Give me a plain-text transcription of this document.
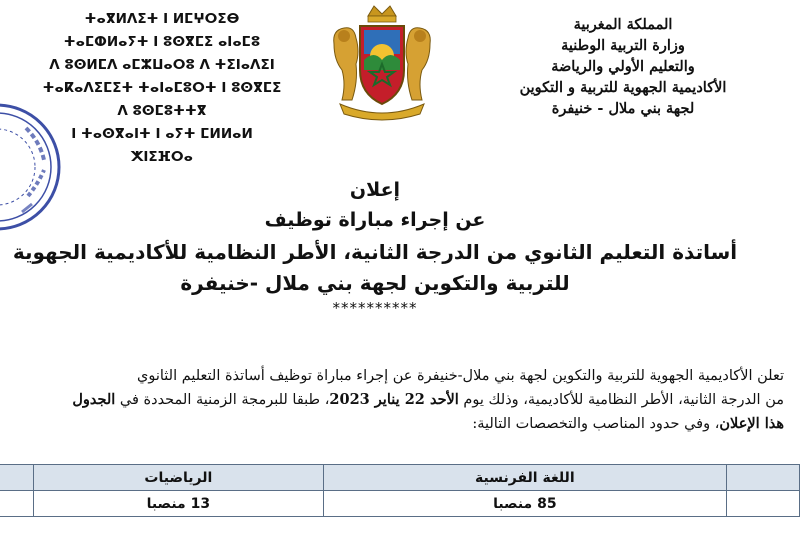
ⵜⴰⴳⵍⴷⵉⵜ ⵏ ⵍⵎⵖⵔⵉⴱ
ⵜⴰⵎⵀⵍⴰⵢⵜ ⵏ ⵓⵙⴳⵎⵉ ⴰⵏⴰⵎⵓ
ⴷ ⵓⵙⵍⵎⴷ ⴰⵎⵣⵡⴰⵔⵓ ⴷ ⵜⵉⵏⴰⴷⵉⵏ
ⵜⴰⴽⴰⴷⵉⵎⵉⵜ ⵜⴰⵏⴰⵎⵓⵔⵜ ⵏ ⵓⵙⴳⵎⵉ ⴷ ⵓⵙⵎⵓⵜⵜⴳ
ⵏ ⵜⴰⵙⴳⴰⵏⵜ ⵏ ⴰⵢⵜ ⵎⵍⵍⴰⵍ ⵅⵏⵉⴼⵔⴰ
المملكة المغربية
وزارة التربية الوطنية
والتعليم الأولي والرياضة
الأكاديمية الجهوية للتربية و التكوين
لجهة بني ملال - خنيفرة
إعلان
عن إجراء مباراة توظيف
أساتذة التعليم الثانوي من الدرجة الثانية، الأطر النظامية للأكاديمية الجهوية
للتربية والتكوين لجهة بني ملال -خنيفرة
**********
تعلن الأكاديمية الجهوية للتربية والتكوين لجهة بني ملال-خنيفرة عن إجراء مباراة توظيف أساتذة التعليم الثانوي
من الدرجة الثانية، الأطر النظامية للأكاديمية، وذلك يوم الأحد 22 يناير 2023، طبقا للبرمجة الزمنية المحددة في الجدول
هذا الإعلان، وفي حدود المناصب والتخصصات التالية:
	اللغة الفرنسية	الرياضيات	
	85 منصبا	13 منصبا	
